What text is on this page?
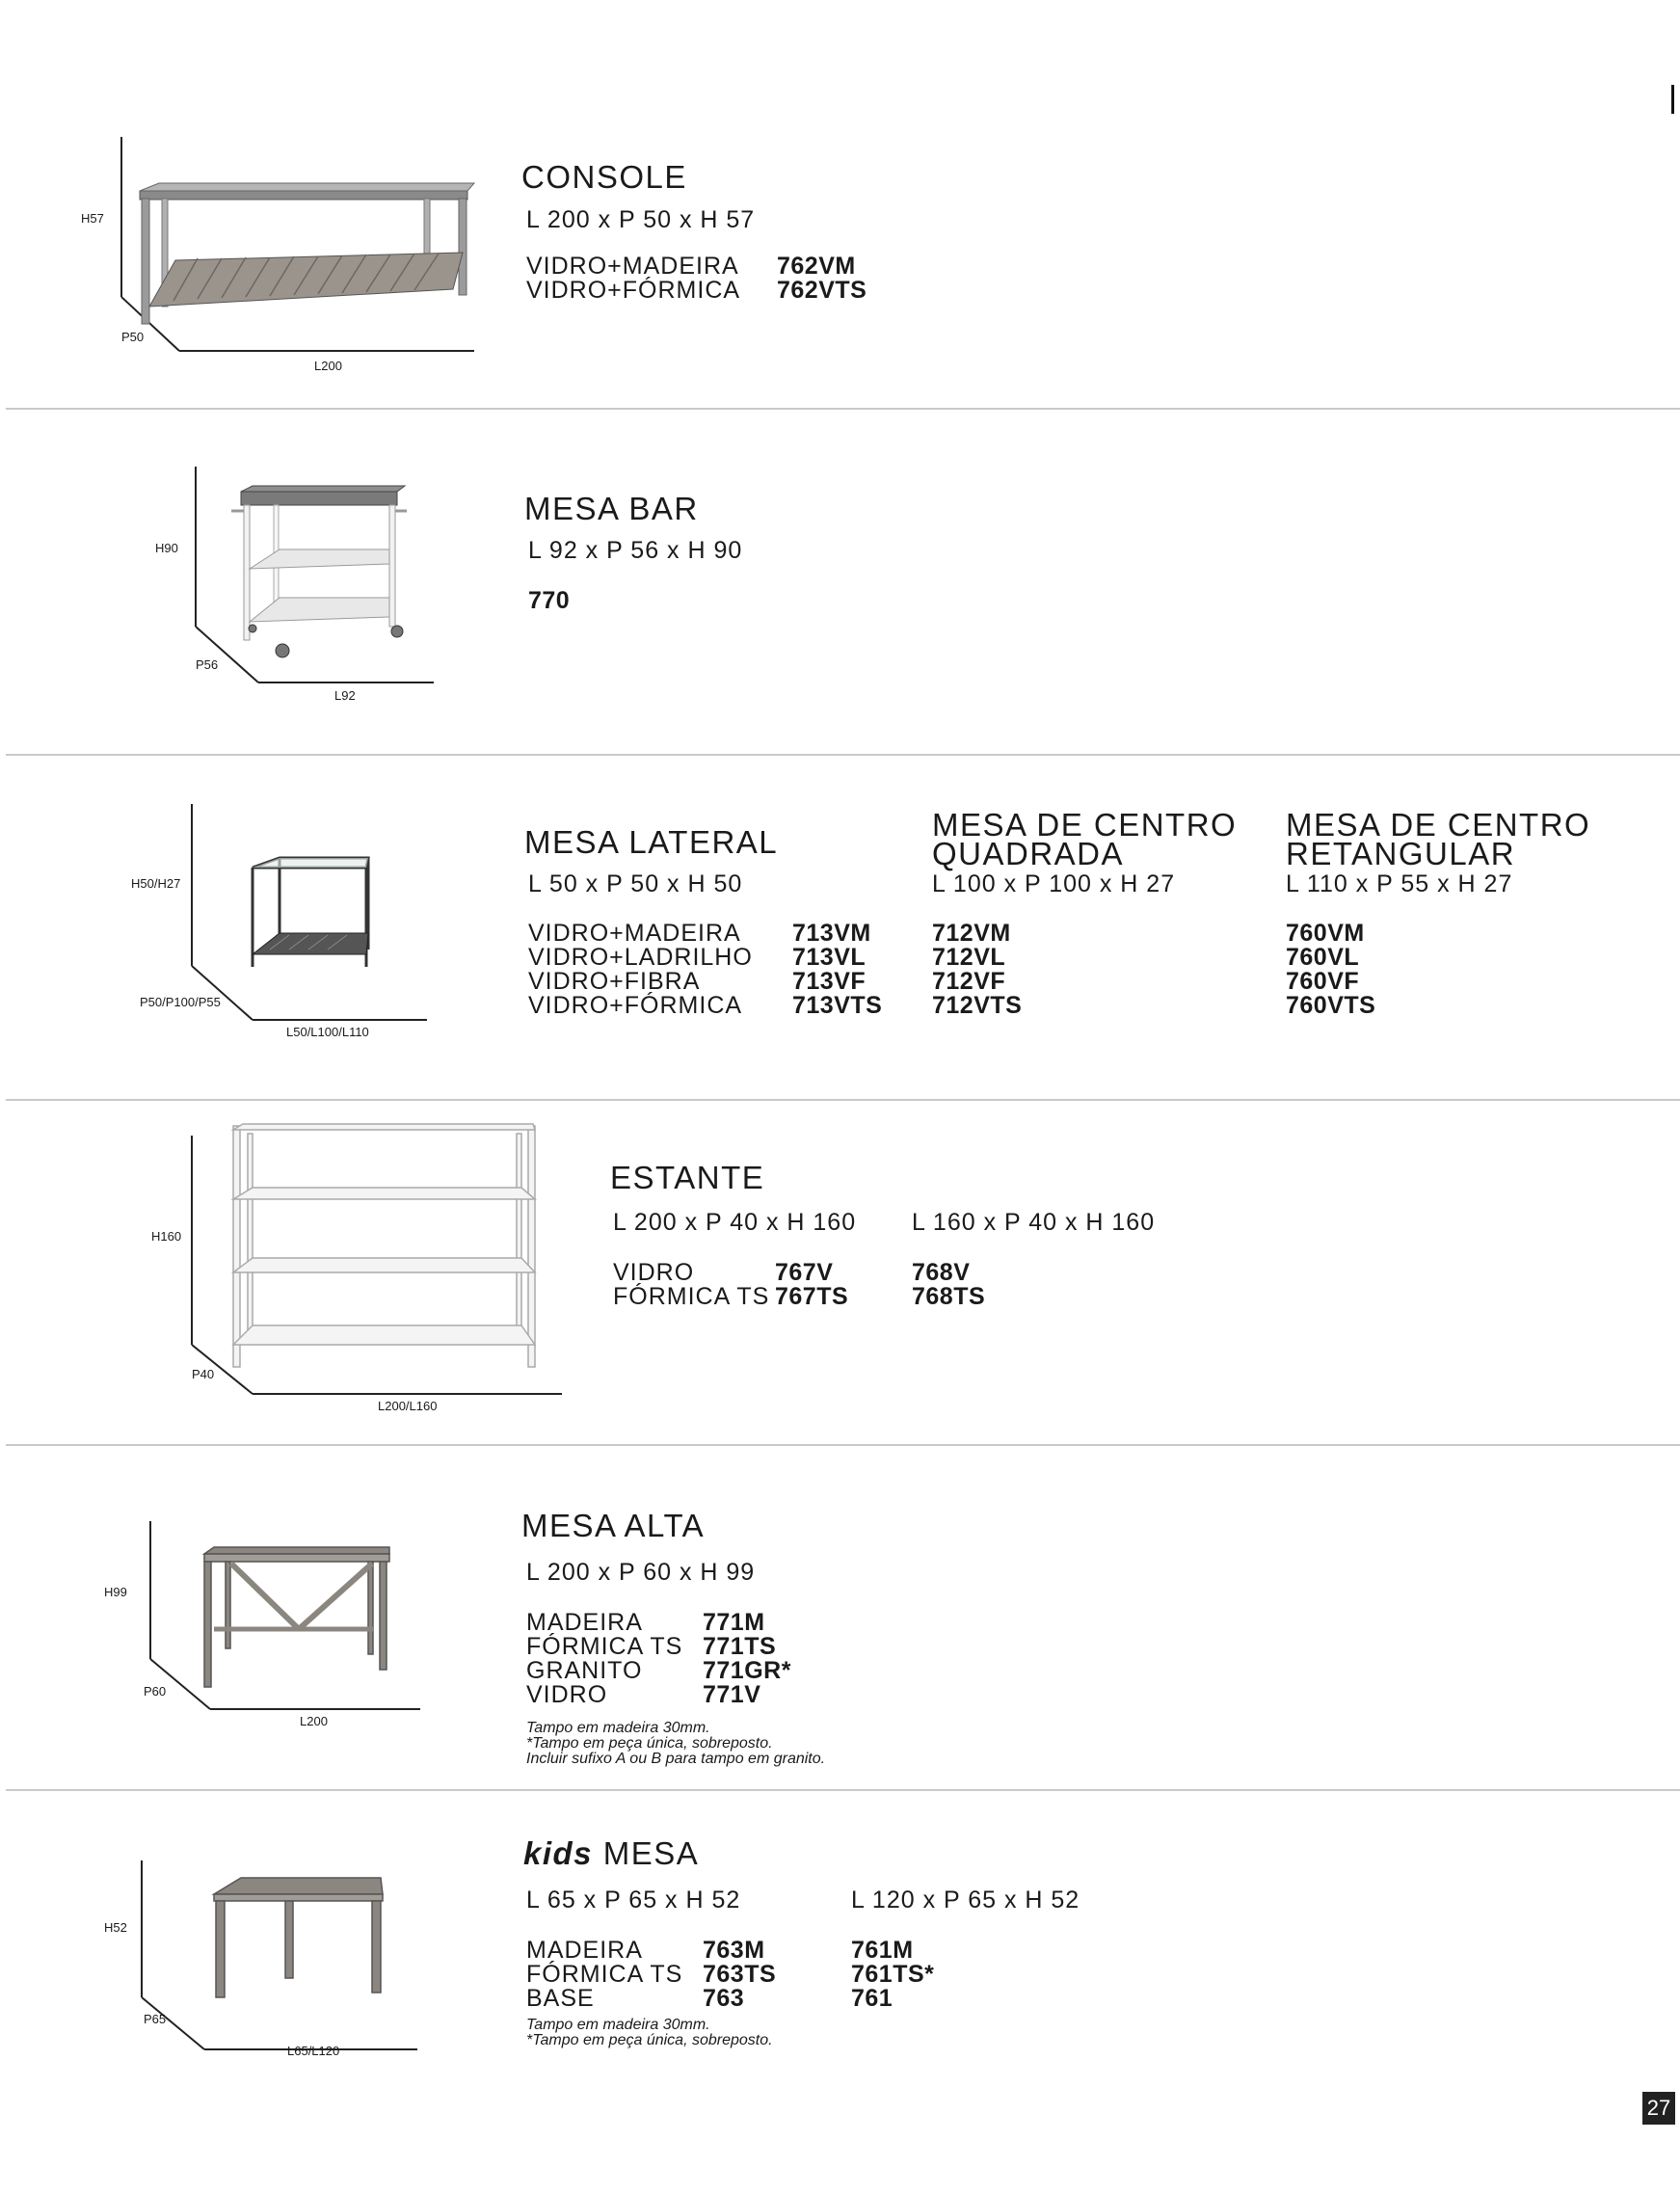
H57
P50
L200
CONSOLE
L 200 x P 50 x H 57
VIDRO+MADEIRA
VIDRO+FÓRMICA
762VM
762VTS
H90
P56
L92
MESA BAR
L 92 x P 56 x H 90
770
H50/H27
P50/P100/P55
L50/L100/L110
MESA LATERAL
L 50 x P 50 x H 50
VIDRO+MADEIRA
VIDRO+LADRILHO
VIDRO+FIBRA
VIDRO+FÓRMICA
713VM
713VL
713VF
713VTS
MESA DE CENTRO
QUADRADA
L 100 x P 100 x H 27
712VM
712VL
712VF
712VTS
MESA DE CENTRO
RETANGULAR
L 110 x P 55 x H 27
760VM
760VL
760VF
760VTS
H160
P40
L200/L160
ESTANTE
L 200 x P 40 x H 160 L 160 x P 40 x H 160
VIDRO
FÓRMICA TS
767V
767TS
768V
768TS
H99
P60
L200
MESA ALTA
L 200 x P 60 x H 99
MADEIRA
FÓRMICA TS
GRANITO
VIDRO
771M
771TS
771GR*
771V
Tampo em madeira 30mm.
*Tampo em peça única, sobreposto.
Incluir sufixo A ou B para tampo em granito.
H52
P65
L65/L120
kids MESA
L 65 x P 65 x H 52	L 120 x P 65 x H 52
MADEIRA
FÓRMICA TS
BASE
763M
763TS
763
761M
761TS*
761
Tampo em madeira 30mm.
*Tampo em peça única, sobreposto.
27
